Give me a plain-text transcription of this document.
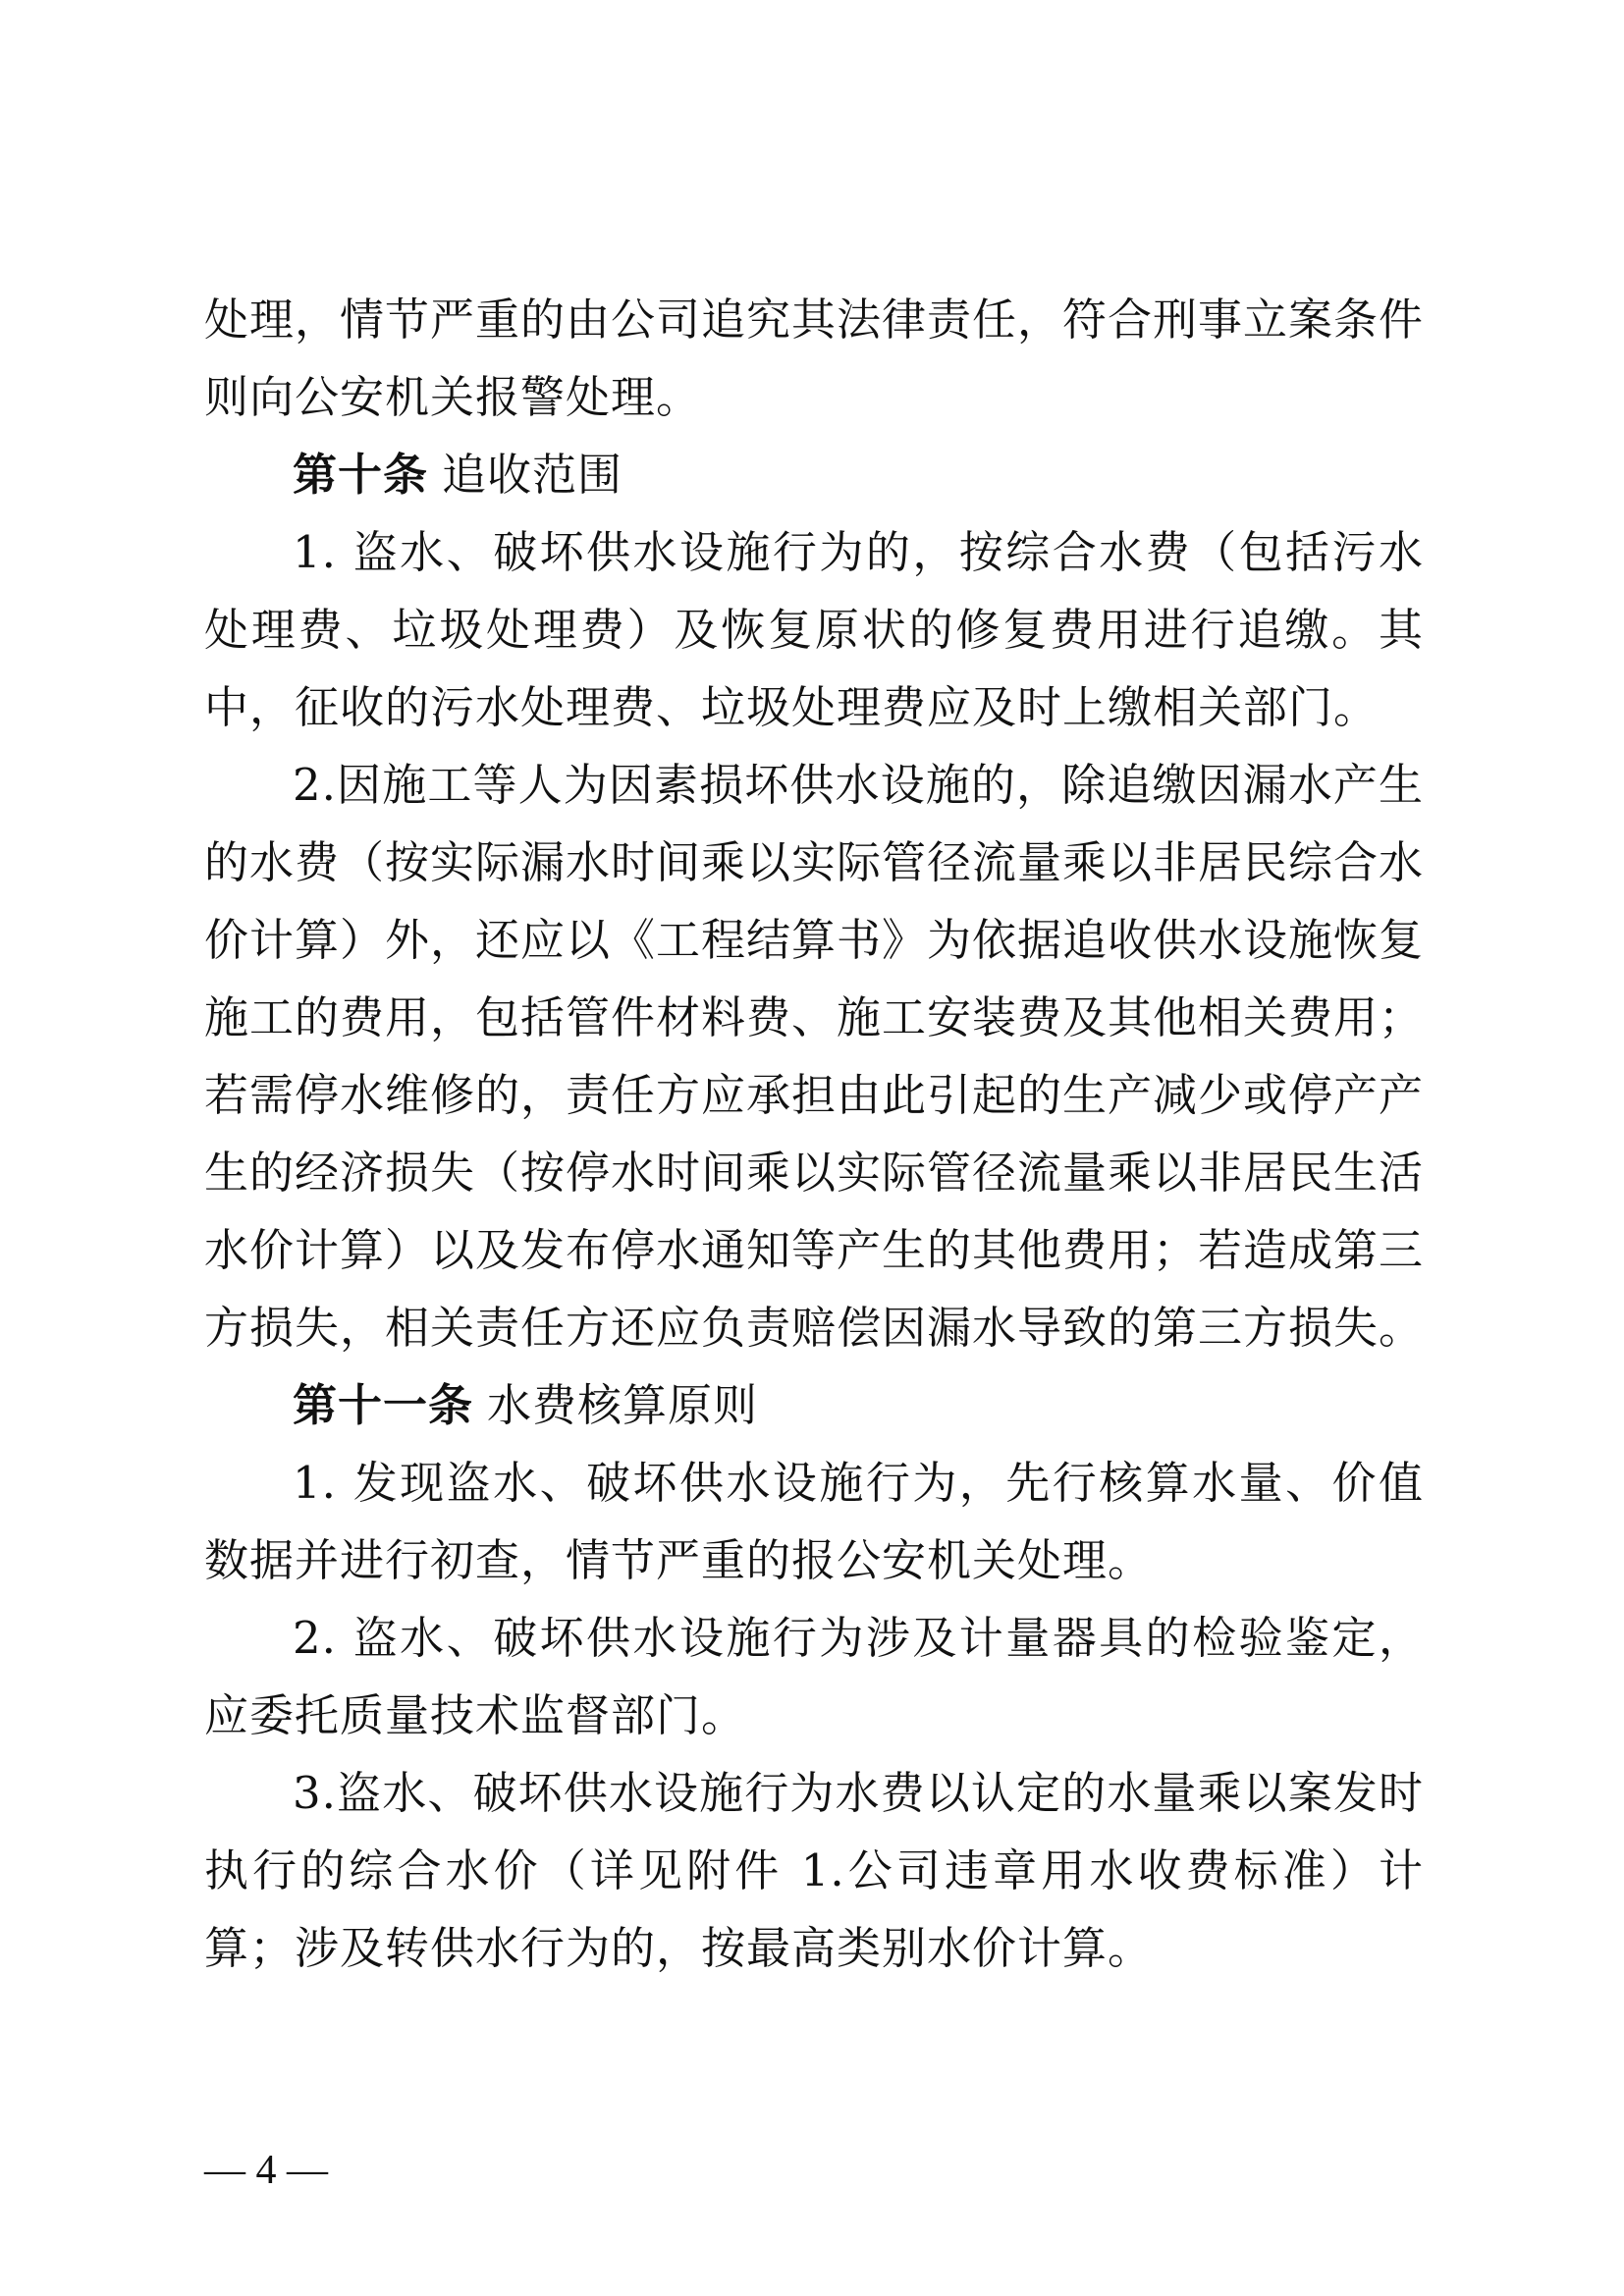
处理，情节严重的由公司追究其法律责任，符合刑事立案条件则向公安机关报警处理。

第十条 追收范围

1. 盗水、破坏供水设施行为的，按综合水费（包括污水处理费、垃圾处理费）及恢复原状的修复费用进行追缴。其中，征收的污水处理费、垃圾处理费应及时上缴相关部门。

2.因施工等人为因素损坏供水设施的，除追缴因漏水产生的水费（按实际漏水时间乘以实际管径流量乘以非居民综合水价计算）外，还应以《工程结算书》为依据追收供水设施恢复施工的费用，包括管件材料费、施工安装费及其他相关费用；若需停水维修的，责任方应承担由此引起的生产减少或停产产生的经济损失（按停水时间乘以实际管径流量乘以非居民生活水价计算）以及发布停水通知等产生的其他费用；若造成第三方损失，相关责任方还应负责赔偿因漏水导致的第三方损失。

第十一条 水费核算原则

1. 发现盗水、破坏供水设施行为，先行核算水量、价值数据并进行初查，情节严重的报公安机关处理。

2. 盗水、破坏供水设施行为涉及计量器具的检验鉴定，应委托质量技术监督部门。

3.盗水、破坏供水设施行为水费以认定的水量乘以案发时执行的综合水价（详见附件 1.公司违章用水收费标准）计算；涉及转供水行为的，按最高类别水价计算。

— 4 —
